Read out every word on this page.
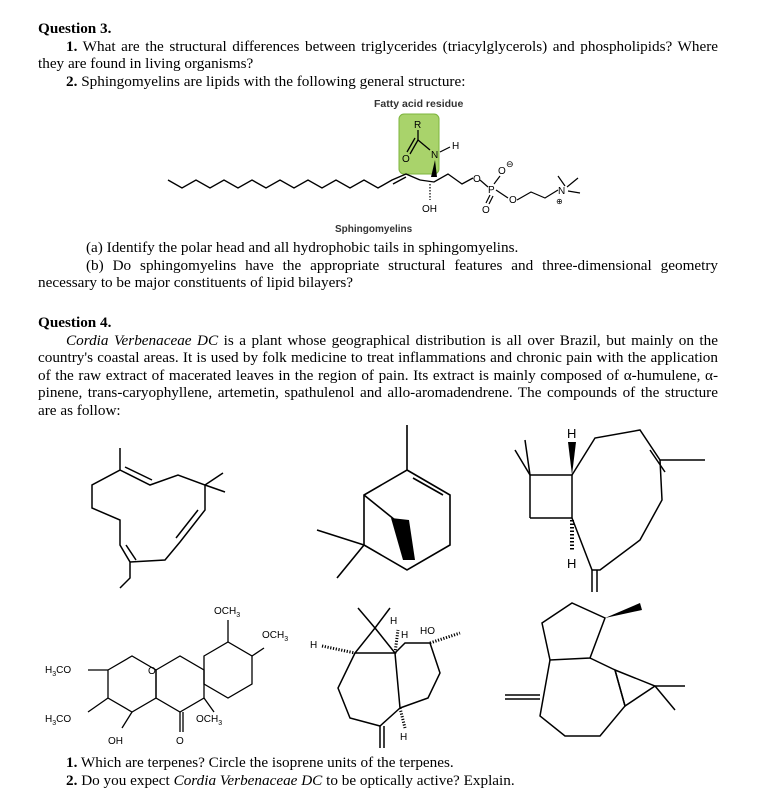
Question 3.

1. What are the structural differences between triglycerides (triacylglycerols) and phospholipids? Where they are found in living organisms?

2. Sphingomyelins are lipids with the following general structure:

Fatty acid residue
R
O N
H
OH
O
P
O
⊖
O
O
N
⊕
Sphingomyelins

(a) Identify the polar head and all hydrophobic tails in sphingomyelins.

(b) Do sphingomyelins have the appropriate structural features and three-dimensional geometry necessary to be major constituents of lipid bilayers?

Question 4.

Cordia Verbenaceae DC is a plant whose geographical distribution is all over Brazil, but mainly on the country's coastal areas. It is used by folk medicine to treat inflammations and chronic pain with the application of the raw extract of macerated leaves in the region of pain. Its extract is mainly composed of α-humulene, α-pinene, trans-caryophyllene, artemetin, spathulenol and allo-aromadendrene. The compounds of the structure are as follow:

H
H
O
$OCH_3$
$OCH_3$
$H_3CO$
$H_3CO$	$OCH_3$
OH	O
H
H
H HO
H

1. Which are terpenes? Circle the isoprene units of the terpenes.

2. Do you expect Cordia Verbenaceae DC to be optically active? Explain.
